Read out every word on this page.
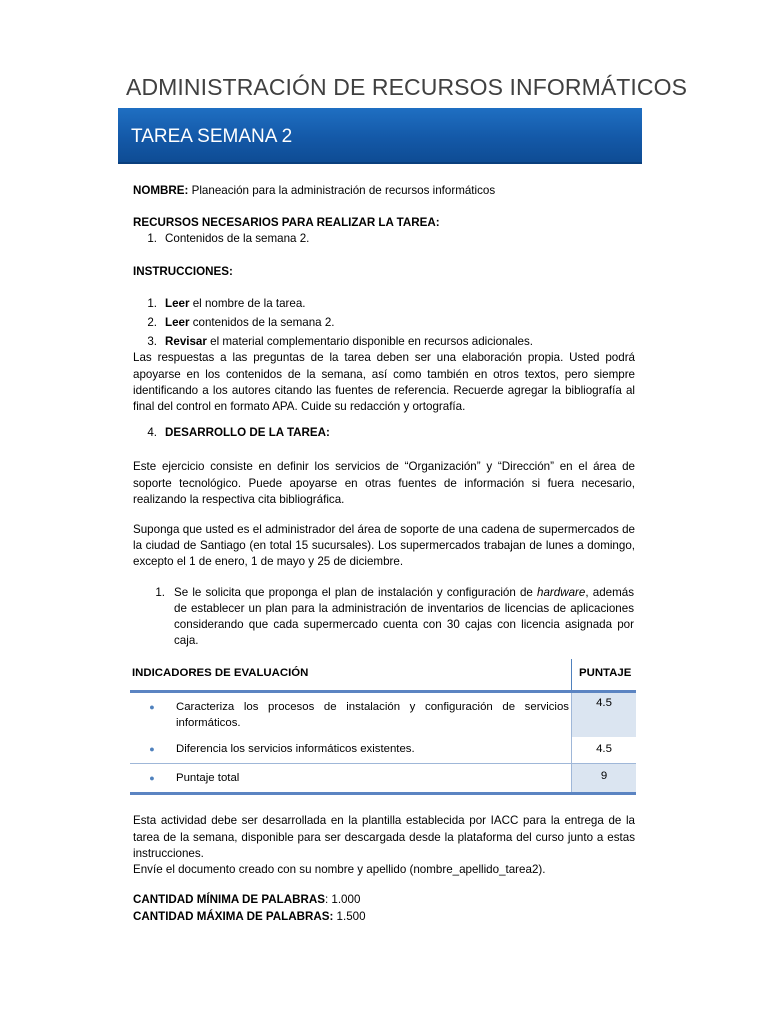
ADMINISTRACIÓN DE RECURSOS INFORMÁTICOS
TAREA SEMANA 2

NOMBRE: Planeación para la administración de recursos informáticos

RECURSOS NECESARIOS PARA REALIZAR LA TAREA:

1. Contenidos de la semana 2.

INSTRUCCIONES:

1. Leer el nombre de la tarea.
2. Leer contenidos de la semana 2.
3. Revisar el material complementario disponible en recursos adicionales.

Las respuestas a las preguntas de la tarea deben ser una elaboración propia. Usted podrá apoyarse en los contenidos de la semana, así como también en otros textos, pero siempre identificando a los autores citando las fuentes de referencia. Recuerde agregar la bibliografía al final del control en formato APA. Cuide su redacción y ortografía.

4. DESARROLLO DE LA TAREA:

Este ejercicio consiste en definir los servicios de “Organización” y “Dirección” en el área de soporte tecnológico. Puede apoyarse en otras fuentes de información si fuera necesario, realizando la respectiva cita bibliográfica.

Suponga que usted es el administrador del área de soporte de una cadena de supermercados de la ciudad de Santiago (en total 15 sucursales). Los supermercados trabajan de lunes a domingo, excepto el 1 de enero, 1 de mayo y 25 de diciembre.

1. Se le solicita que proponga el plan de instalación y configuración de hardware, además de establecer un plan para la administración de inventarios de licencias de aplicaciones considerando que cada supermercado cuenta con 30 cajas con licencia asignada por caja.
INDICADORES DE EVALUACIÓN		PUNTAJE
●	Caracteriza los procesos de instalación y configuración de servicios informáticos.	4.5
●	Diferencia los servicios informáticos existentes.	4.5
●	Puntaje total	9

Esta actividad debe ser desarrollada en la plantilla establecida por IACC para la entrega de la tarea de la semana, disponible para ser descargada desde la plataforma del curso junto a estas instrucciones.

Envíe el documento creado con su nombre y apellido (nombre_apellido_tarea2).

CANTIDAD MÍNIMA DE PALABRAS: 1.000

CANTIDAD MÁXIMA DE PALABRAS: 1.500
